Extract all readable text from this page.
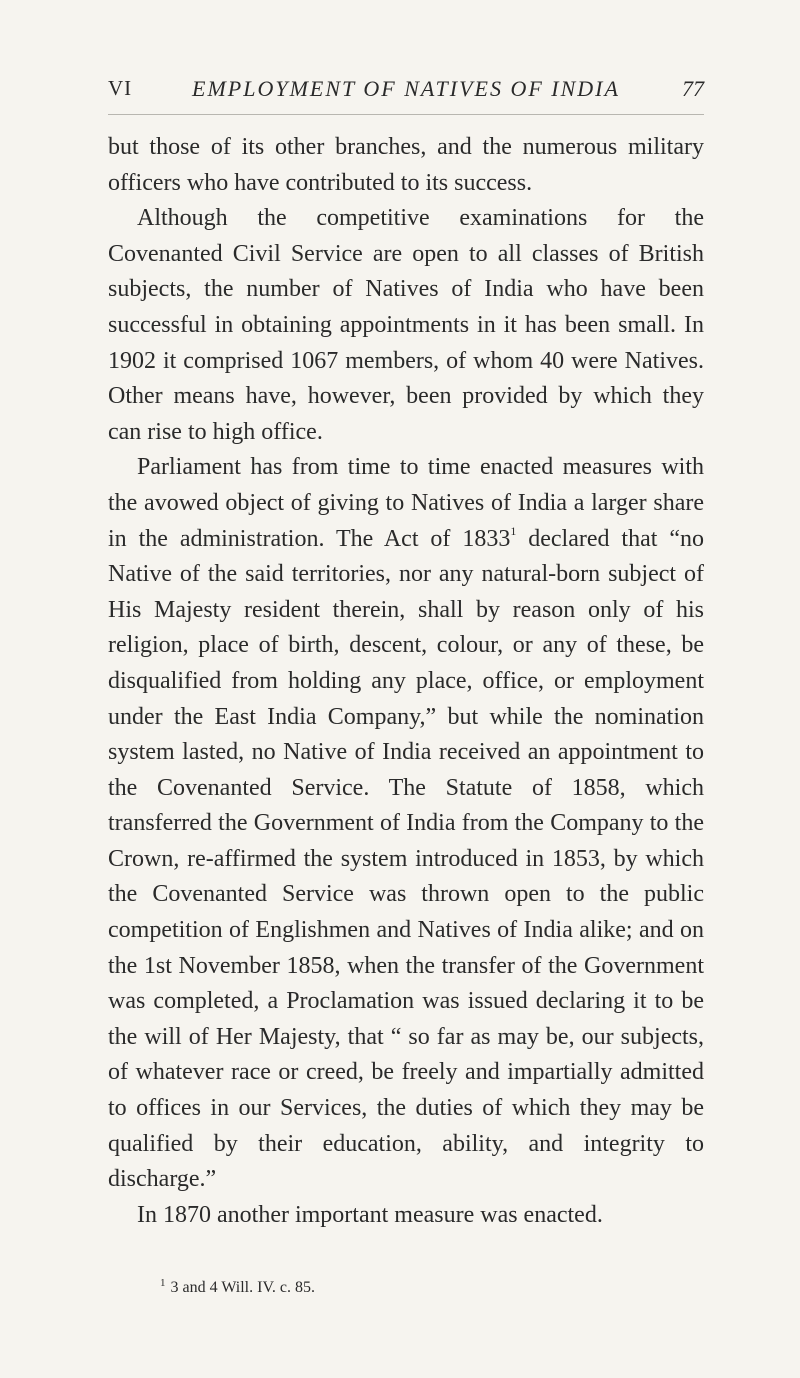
VI	EMPLOYMENT OF NATIVES OF INDIA	77

but those of its other branches, and the numerous military officers who have contributed to its success.

Although the competitive examinations for the Covenanted Civil Service are open to all classes of British subjects, the number of Natives of India who have been successful in obtaining appointments in it has been small. In 1902 it comprised 1067 members, of whom 40 were Natives. Other means have, however, been provided by which they can rise to high office.

Parliament has from time to time enacted measures with the avowed object of giving to Natives of India a larger share in the administration. The Act of 1833$^1$ declared that “no Native of the said territories, nor any natural-born subject of His Majesty resident therein, shall by reason only of his religion, place of birth, descent, colour, or any of these, be disqualified from holding any place, office, or employment under the East India Company,” but while the nomination system lasted, no Native of India received an appointment to the Covenanted Service. The Statute of 1858, which transferred the Government of India from the Company to the Crown, re-affirmed the system introduced in 1853, by which the Covenanted Service was thrown open to the public competition of Englishmen and Natives of India alike; and on the 1st November 1858, when the transfer of the Government was completed, a Proclamation was issued declaring it to be the will of Her Majesty, that “ so far as may be, our subjects, of whatever race or creed, be freely and impartially admitted to offices in our Services, the duties of which they may be qualified by their education, ability, and integrity to discharge.”

In 1870 another important measure was enacted.

$^1$ 3 and 4 Will. IV. c. 85.
